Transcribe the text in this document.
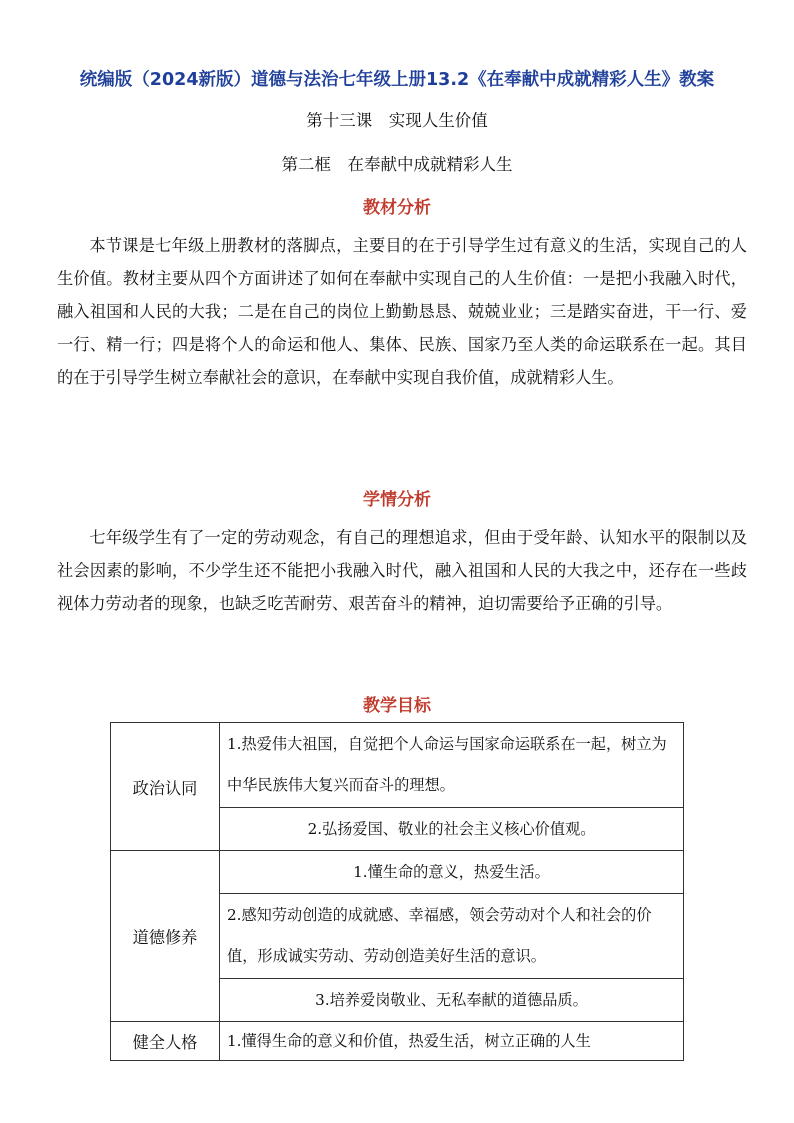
统编版（2024新版）道德与法治七年级上册13.2《在奉献中成就精彩人生》教案
第十三课　实现人生价值
第二框　在奉献中成就精彩人生
教材分析

本节课是七年级上册教材的落脚点，主要目的在于引导学生过有意义的生活，实现自己的人生价值。教材主要从四个方面讲述了如何在奉献中实现自己的人生价值：一是把小我融入时代，融入祖国和人民的大我；二是在自己的岗位上勤勤恳恳、兢兢业业；三是踏实奋进，干一行、爱一行、精一行；四是将个人的命运和他人、集体、民族、国家乃至人类的命运联系在一起。其目的在于引导学生树立奉献社会的意识，在奉献中实现自我价值，成就精彩人生。

学情分析

七年级学生有了一定的劳动观念，有自己的理想追求，但由于受年龄、认知水平的限制以及社会因素的影响，不少学生还不能把小我融入时代，融入祖国和人民的大我之中，还存在一些歧视体力劳动者的现象，也缺乏吃苦耐劳、艰苦奋斗的精神，迫切需要给予正确的引导。

教学目标
政治认同	1.热爱伟大祖国，自觉把个人命运与国家命运联系在一起，树立为中华民族伟大复兴而奋斗的理想。
	2.弘扬爱国、敬业的社会主义核心价值观。
道德修养	1.懂生命的意义，热爱生活。
	2.感知劳动创造的成就感、幸福感，领会劳动对个人和社会的价值，形成诚实劳动、劳动创造美好生活的意识。
	3.培养爱岗敬业、无私奉献的道德品质。
健全人格	1.懂得生命的意义和价值，热爱生活，树立正确的人生
